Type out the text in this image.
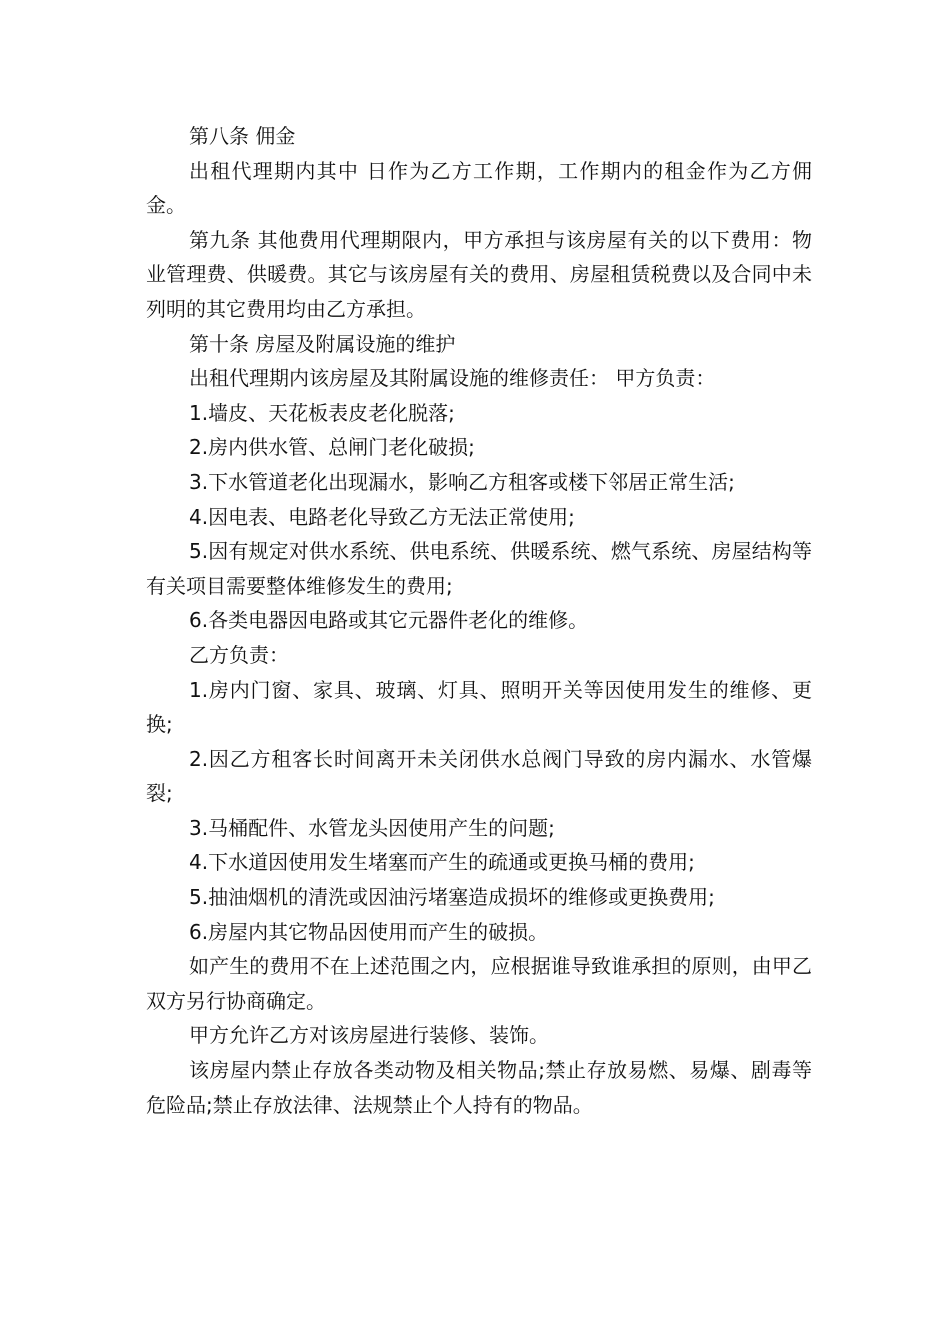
第八条 佣金

出租代理期内其中 日作为乙方工作期，工作期内的租金作为乙方佣金。

第九条 其他费用代理期限内，甲方承担与该房屋有关的以下费用：物业管理费、供暖费。其它与该房屋有关的费用、房屋租赁税费以及合同中未列明的其它费用均由乙方承担。

第十条 房屋及附属设施的维护

出租代理期内该房屋及其附属设施的维修责任： 甲方负责：

1.墙皮、天花板表皮老化脱落;

2.房内供水管、总闸门老化破损;

3.下水管道老化出现漏水，影响乙方租客或楼下邻居正常生活;

4.因电表、电路老化导致乙方无法正常使用;

5.因有规定对供水系统、供电系统、供暖系统、燃气系统、房屋结构等有关项目需要整体维修发生的费用;

6.各类电器因电路或其它元器件老化的维修。

乙方负责：

1.房内门窗、家具、玻璃、灯具、照明开关等因使用发生的维修、更换;

2.因乙方租客长时间离开未关闭供水总阀门导致的房内漏水、水管爆裂;

3.马桶配件、水管龙头因使用产生的问题;

4.下水道因使用发生堵塞而产生的疏通或更换马桶的费用;

5.抽油烟机的清洗或因油污堵塞造成损坏的维修或更换费用;

6.房屋内其它物品因使用而产生的破损。

如产生的费用不在上述范围之内，应根据谁导致谁承担的原则，由甲乙双方另行协商确定。

甲方允许乙方对该房屋进行装修、装饰。

该房屋内禁止存放各类动物及相关物品;禁止存放易燃、易爆、剧毒等危险品;禁止存放法律、法规禁止个人持有的物品。
